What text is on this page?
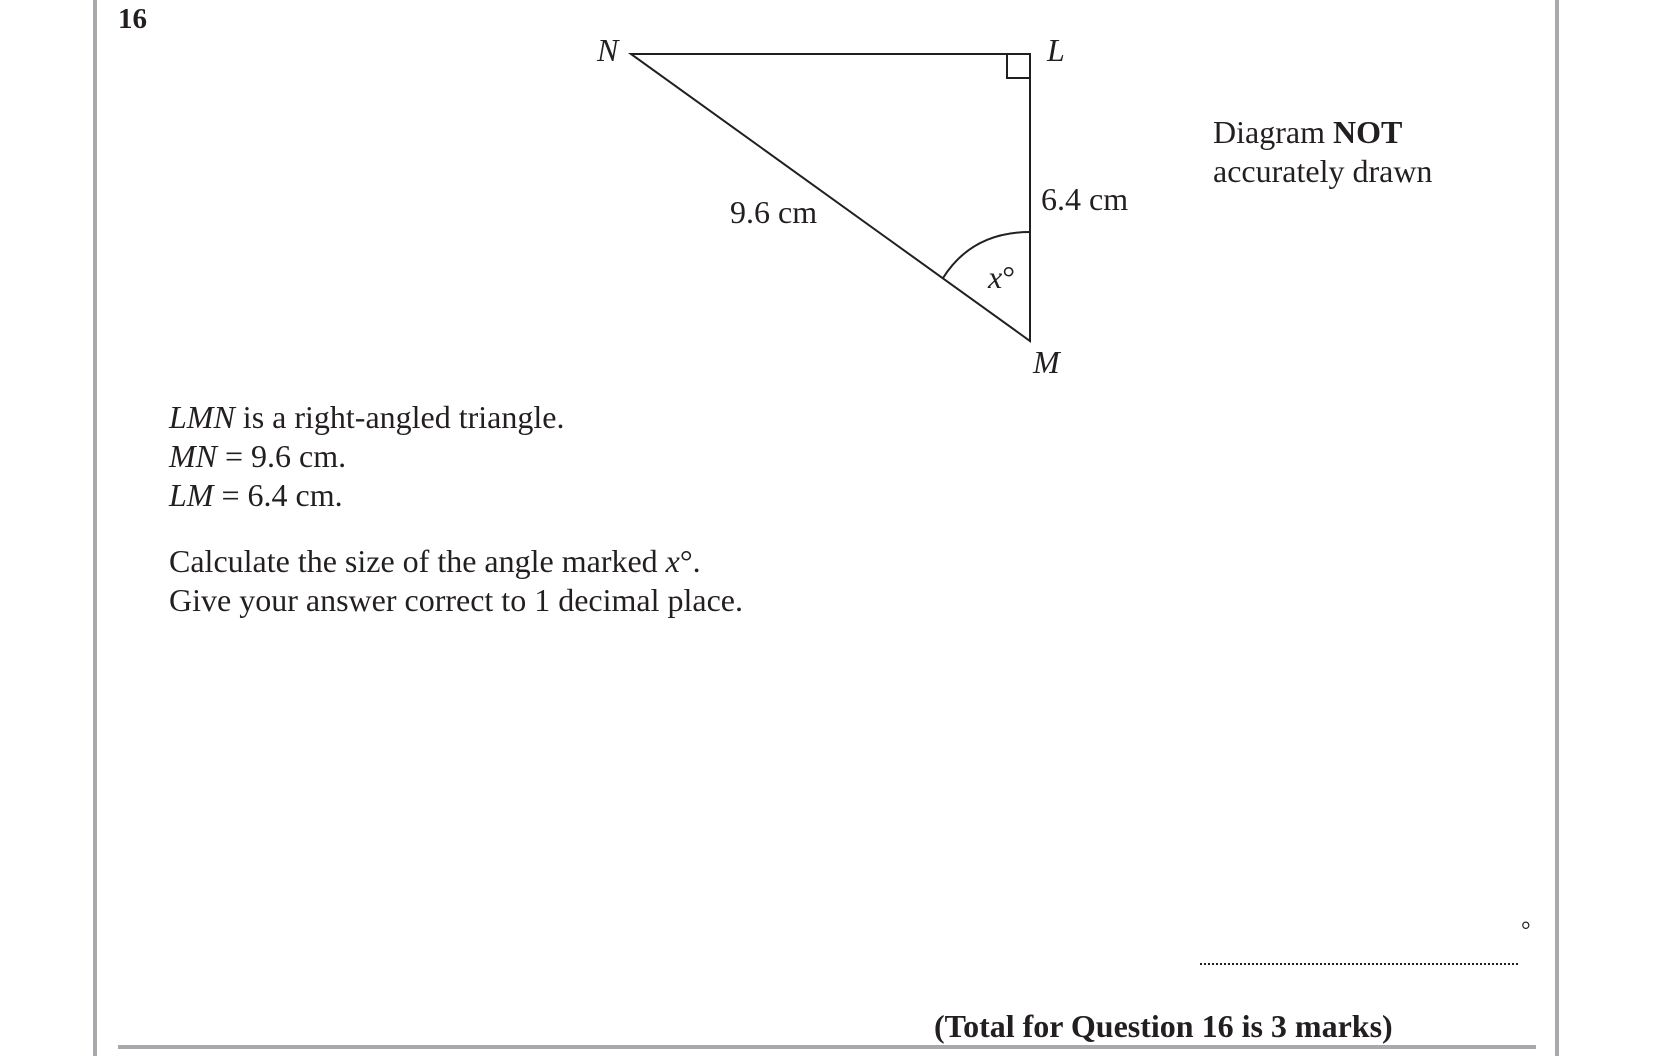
16
N	L
M
9.6 cm	6.4 cm
x°
Diagram NOT
accurately drawn
LMN is a right-angled triangle.
MN = 9.6 cm.
LM = 6.4 cm.
Calculate the size of the angle marked x°.
Give your answer correct to 1 decimal place.
°
(Total for Question 16 is 3 marks)
